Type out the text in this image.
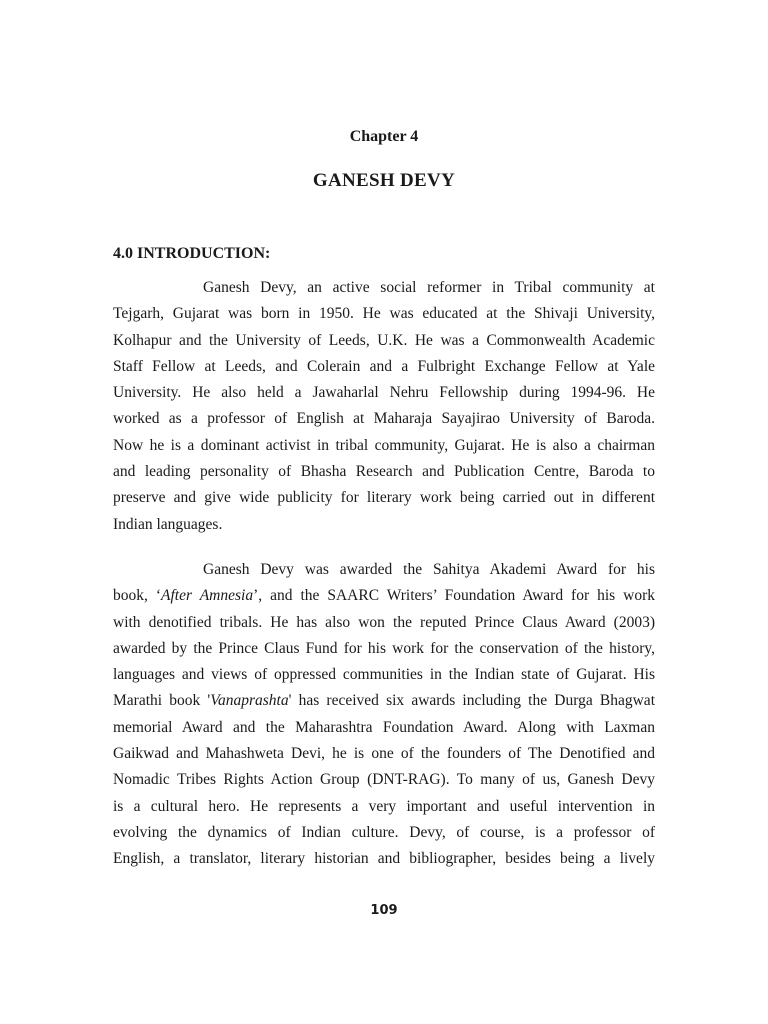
Chapter 4
GANESH DEVY
4.0 INTRODUCTION:

Ganesh Devy, an active social reformer in Tribal community at
Tejgarh, Gujarat was born in 1950. He was educated at the Shivaji University,
Kolhapur and the University of Leeds, U.K. He was a Commonwealth Academic
Staff Fellow at Leeds, and Colerain and a Fulbright Exchange Fellow at Yale
University. He also held a Jawaharlal Nehru Fellowship during 1994-96. He
worked as a professor of English at Maharaja Sayajirao University of Baroda.
Now he is a dominant activist in tribal community, Gujarat. He is also a chairman
and leading personality of Bhasha Research and Publication Centre, Baroda to
preserve and give wide publicity for literary work being carried out in different
Indian languages.

Ganesh Devy was awarded the Sahitya Akademi Award for his
book, ‘After Amnesia’, and the SAARC Writers’ Foundation Award for his work
with denotified tribals. He has also won the reputed Prince Claus Award (2003)
awarded by the Prince Claus Fund for his work for the conservation of the history,
languages and views of oppressed communities in the Indian state of Gujarat. His
Marathi book 'Vanaprashta' has received six awards including the Durga Bhagwat
memorial Award and the Maharashtra Foundation Award. Along with Laxman
Gaikwad and Mahashweta Devi, he is one of the founders of The Denotified and
Nomadic Tribes Rights Action Group (DNT-RAG). To many of us, Ganesh Devy
is a cultural hero. He represents a very important and useful intervention in
evolving the dynamics of Indian culture. Devy, of course, is a professor of
English, a translator, literary historian and bibliographer, besides being a lively

109
